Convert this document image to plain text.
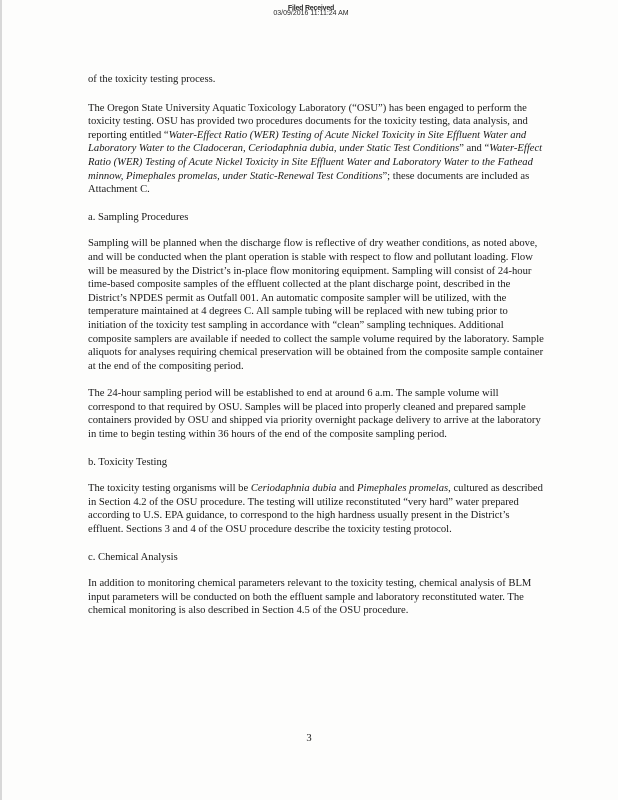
Filed Received
03/09/2016 11:11:24 AM

of the toxicity testing process.

The Oregon State University Aquatic Toxicology Laboratory (“OSU”) has been engaged to perform the toxicity testing. OSU has provided two procedures documents for the toxicity testing, data analysis, and reporting entitled “Water-Effect Ratio (WER) Testing of Acute Nickel Toxicity in Site Effluent Water and Laboratory Water to the Cladoceran, Ceriodaphnia dubia, under Static Test Conditions” and “Water-Effect Ratio (WER) Testing of Acute Nickel Toxicity in Site Effluent Water and Laboratory Water to the Fathead minnow, Pimephales promelas, under Static-Renewal Test Conditions”; these documents are included as Attachment C.

a. Sampling Procedures

Sampling will be planned when the discharge flow is reflective of dry weather conditions, as noted above, and will be conducted when the plant operation is stable with respect to flow and pollutant loading. Flow will be measured by the District’s in-place flow monitoring equipment. Sampling will consist of 24-hour time-based composite samples of the effluent collected at the plant discharge point, described in the District’s NPDES permit as Outfall 001. An automatic composite sampler will be utilized, with the temperature maintained at 4 degrees C. All sample tubing will be replaced with new tubing prior to initiation of the toxicity test sampling in accordance with “clean” sampling techniques. Additional composite samplers are available if needed to collect the sample volume required by the laboratory. Sample aliquots for analyses requiring chemical preservation will be obtained from the composite sample container at the end of the compositing period.

The 24-hour sampling period will be established to end at around 6 a.m. The sample volume will correspond to that required by OSU. Samples will be placed into properly cleaned and prepared sample containers provided by OSU and shipped via priority overnight package delivery to arrive at the laboratory in time to begin testing within 36 hours of the end of the composite sampling period.

b. Toxicity Testing

The toxicity testing organisms will be Ceriodaphnia dubia and Pimephales promelas, cultured as described in Section 4.2 of the OSU procedure. The testing will utilize reconstituted “very hard” water prepared according to U.S. EPA guidance, to correspond to the high hardness usually present in the District’s effluent. Sections 3 and 4 of the OSU procedure describe the toxicity testing protocol.

c. Chemical Analysis

In addition to monitoring chemical parameters relevant to the toxicity testing, chemical analysis of BLM input parameters will be conducted on both the effluent sample and laboratory reconstituted water. The chemical monitoring is also described in Section 4.5 of the OSU procedure.

3
